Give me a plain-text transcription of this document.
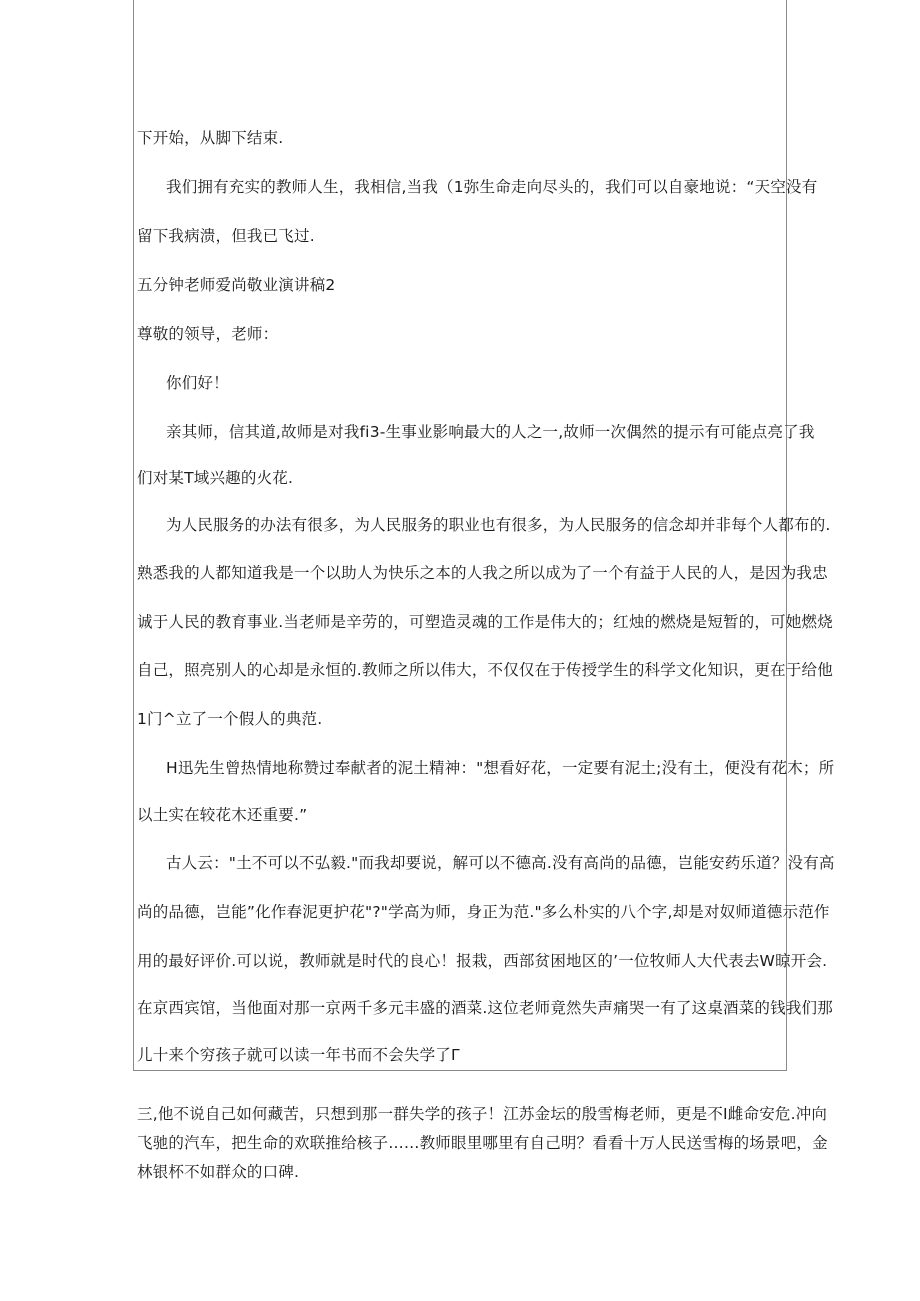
下开始，从脚下结束.
我们拥有充实的教师人生，我相信,当我（1弥生命走向尽头的，我们可以自豪地说：“天空没有
留下我病溃，但我已飞过.
五分钟老师爱尚敬业演讲稿2
尊敬的领导，老师：
你们好！
亲其师，信其道,故师是对我fi3-生事业影响最大的人之一,故师一次偶然的提示有可能点亮了我
们对某T域兴趣的火花.
为人民服务的办法有很多，为人民服务的职业也有很多，为人民服务的信念却并非每个人都布的.
熟悉我的人都知道我是一个以助人为快乐之本的人我之所以成为了一个有益于人民的人，是因为我忠
诚于人民的教育事业.当老师是辛劳的，可塑造灵魂的工作是伟大的；红烛的燃烧是短暂的，可她燃烧
自己，照亮别人的心却是永恒的.教师之所以伟大，不仅仅在于传授学生的科学文化知识，更在于给他
1门^立了一个假人的典范.
H迅先生曾热情地称赞过奉献者的泥土精神："想看好花，一定要有泥土;没有土，便没有花木；所
以土实在较花木还重要.”
古人云："土不可以不弘毅."而我却要说，解可以不德高.没有高尚的品德，岂能安药乐道？没有高
尚的品德，岂能”化作春泥更护花"?"学高为师，身正为范."多么朴实的八个字,却是对奴师道德示范作
用的最好评价.可以说，教师就是时代的良心！报栽，西部贫困地区的’一位牧师人大代表去W晾开会.
在京西宾馆，当他面对那一京两千多元丰盛的酒菜.这位老师竟然失声痛哭一有了这桌酒菜的钱我们那
儿十来个穷孩子就可以读一年书而不会失学了Γ
三,他不说自己如何藏苦，只想到那一群失学的孩子！江苏金坛的殷雪梅老师，更是不I雌命安危.冲向
飞驰的汽车，把生命的欢联推给核子……教师眼里哪里有自己明？看看十万人民送雪梅的场景吧，金
林银杯不如群众的口碑.
